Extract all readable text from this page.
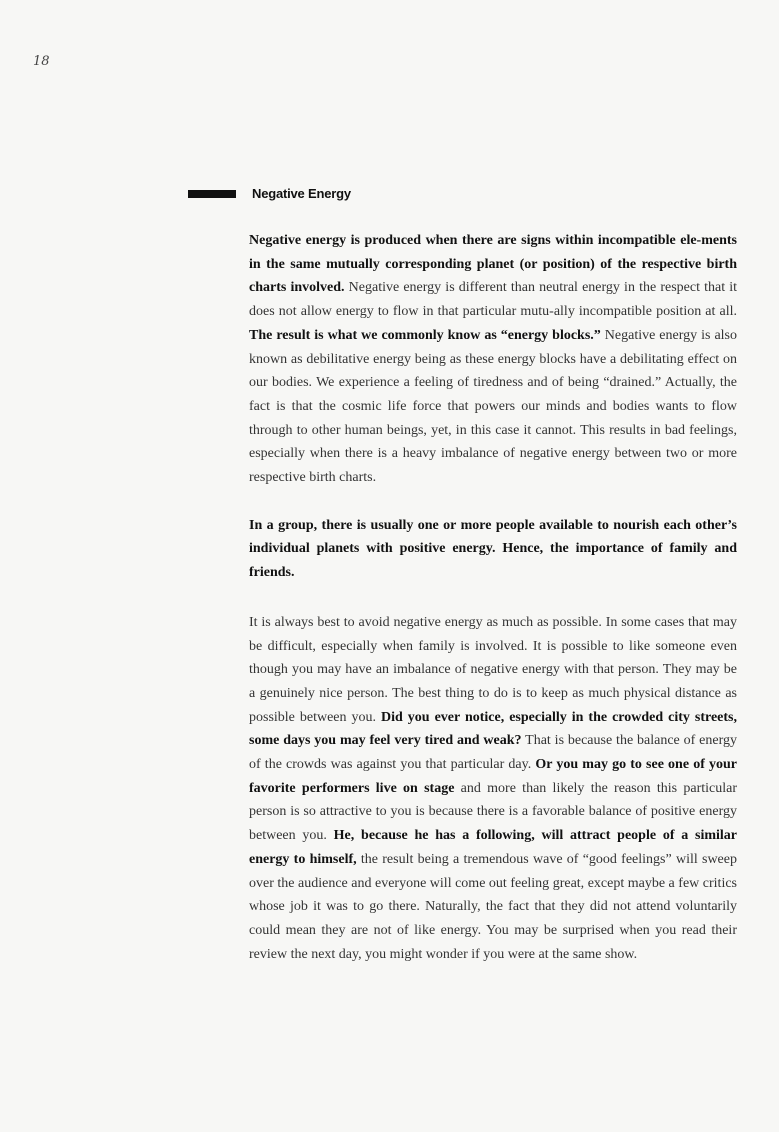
18
Negative Energy

Negative energy is produced when there are signs within incompatible ele-ments in the same mutually corresponding planet (or position) of the respective birth charts involved. Negative energy is different than neutral energy in the respect that it does not allow energy to flow in that particular mutu-ally incompatible position at all. The result is what we commonly know as “energy blocks.” Negative energy is also known as debilitative energy being as these energy blocks have a debilitating effect on our bodies. We experience a feeling of tiredness and of being “drained.” Actually, the fact is that the cosmic life force that powers our minds and bodies wants to flow through to other human beings, yet, in this case it cannot. This results in bad feelings, especially when there is a heavy imbalance of negative energy between two or more respective birth charts.

In a group, there is usually one or more people available to nourish each other’s individual planets with positive energy. Hence, the importance of family and friends.

It is always best to avoid negative energy as much as possible. In some cases that may be difficult, especially when family is involved. It is possible to like someone even though you may have an imbalance of negative energy with that person. They may be a genuinely nice person. The best thing to do is to keep as much physical distance as possible between you. Did you ever notice, especially in the crowded city streets, some days you may feel very tired and weak? That is because the balance of energy of the crowds was against you that particular day. Or you may go to see one of your favorite performers live on stage and more than likely the reason this particular person is so attractive to you is because there is a favorable balance of positive energy between you. He, because he has a following, will attract people of a similar energy to himself, the result being a tremendous wave of “good feelings” will sweep over the audience and everyone will come out feeling great, except maybe a few critics whose job it was to go there. Naturally, the fact that they did not attend voluntarily could mean they are not of like energy. You may be surprised when you read their review the next day, you might wonder if you were at the same show.
